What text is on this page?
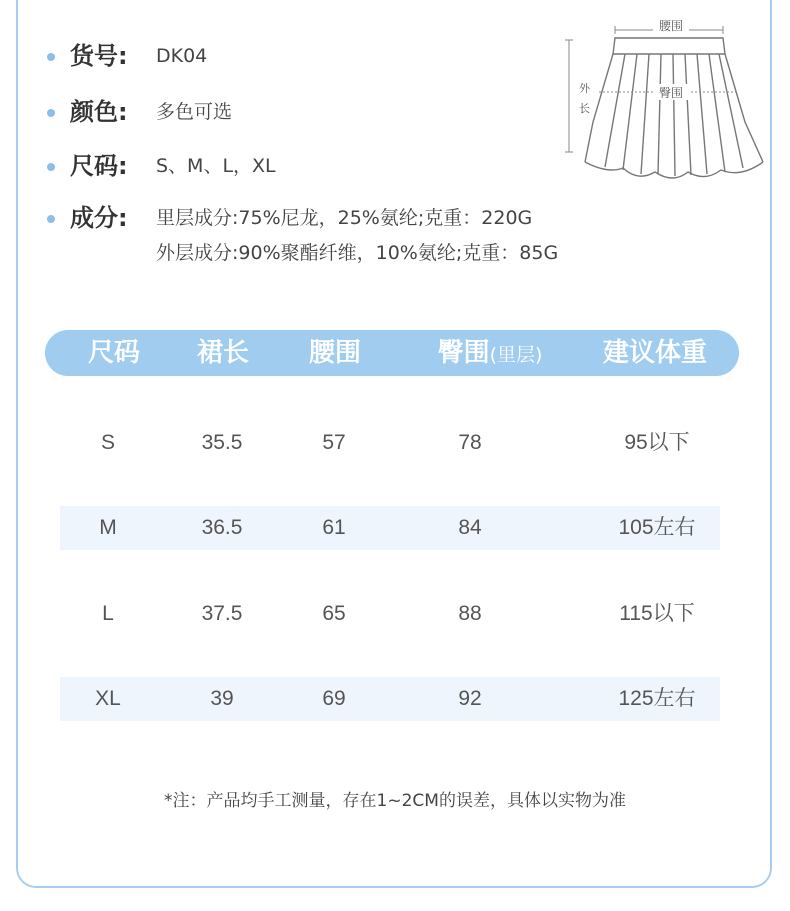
货号:	DK04
颜色:	多色可选
尺码:	S、M、L，XL
成分:	里层成分:75%尼龙，25%氨纶;克重：220G
外层成分:90%聚酯纤维，10%氨纶;克重：85G
腰围
臀围
外
长
尺码	裙长	腰围	臀围(里层)	建议体重
S	35.5	57	78	95以下
M	36.5	61	84	105左右
L	37.5	65	88	115以下
XL	39	69	92	125左右
*注：产品均手工测量，存在1~2CM的误差，具体以实物为准
